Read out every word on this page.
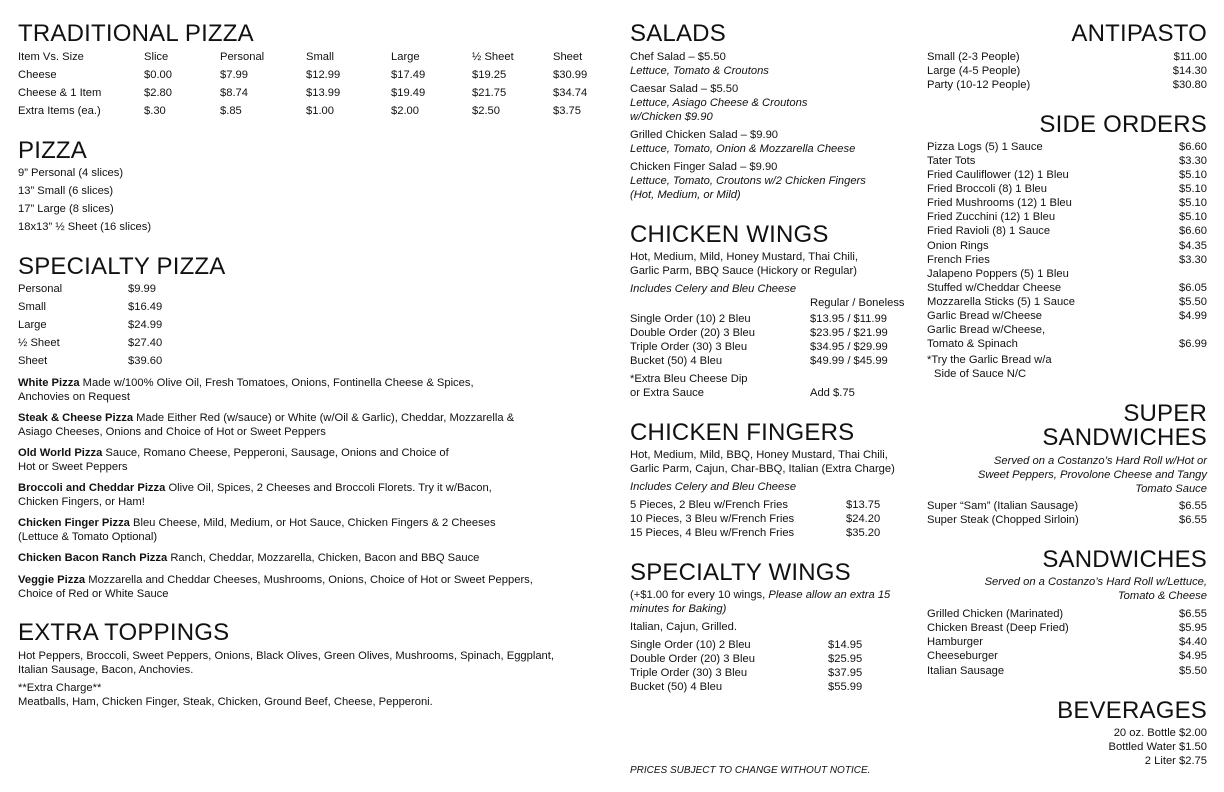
TRADITIONAL PIZZA
Item Vs. Size	Slice	Personal	Small	Large	½ Sheet	Sheet
Cheese	$0.00	$7.99	$12.99	$17.49	$19.25	$30.99
Cheese & 1 Item	$2.80	$8.74	$13.99	$19.49	$21.75	$34.74
Extra Items (ea.)	$.30	$.85	$1.00	$2.00	$2.50	$3.75
PIZZA
9” Personal (4 slices)
13” Small (6 slices)
17” Large (8 slices)
18x13” ½ Sheet (16 slices)
SPECIALTY PIZZA
Personal	$9.99
Small	$16.49
Large	$24.99
½ Sheet	$27.40
Sheet	$39.60
White Pizza Made w/100% Olive Oil, Fresh Tomatoes, Onions, Fontinella Cheese & Spices,
Anchovies on Request
Steak & Cheese Pizza Made Either Red (w/sauce) or White (w/Oil & Garlic), Cheddar, Mozzarella &
Asiago Cheeses, Onions and Choice of Hot or Sweet Peppers
Old World Pizza Sauce, Romano Cheese, Pepperoni, Sausage, Onions and Choice of
Hot or Sweet Peppers
Broccoli and Cheddar Pizza Olive Oil, Spices, 2 Cheeses and Broccoli Florets. Try it w/Bacon,
Chicken Fingers, or Ham!
Chicken Finger Pizza Bleu Cheese, Mild, Medium, or Hot Sauce, Chicken Fingers & 2 Cheeses
(Lettuce & Tomato Optional)
Chicken Bacon Ranch Pizza Ranch, Cheddar, Mozzarella, Chicken, Bacon and BBQ Sauce
Veggie Pizza Mozzarella and Cheddar Cheeses, Mushrooms, Onions, Choice of Hot or Sweet Peppers,
Choice of Red or White Sauce
EXTRA TOPPINGS
Hot Peppers, Broccoli, Sweet Peppers, Onions, Black Olives, Green Olives, Mushrooms, Spinach, Eggplant,
Italian Sausage, Bacon, Anchovies.
**Extra Charge**
Meatballs, Ham, Chicken Finger, Steak, Chicken, Ground Beef, Cheese, Pepperoni.
SALADS
Chef Salad – $5.50
Lettuce, Tomato & Croutons
Caesar Salad – $5.50
Lettuce, Asiago Cheese & Croutons
w/Chicken $9.90
Grilled Chicken Salad – $9.90
Lettuce, Tomato, Onion & Mozzarella Cheese
Chicken Finger Salad – $9.90
Lettuce, Tomato, Croutons w/2 Chicken Fingers
(Hot, Medium, or Mild)
CHICKEN WINGS
Hot, Medium, Mild, Honey Mustard, Thai Chili,
Garlic Parm, BBQ Sauce (Hickory or Regular)
Includes Celery and Bleu Cheese
Regular / Boneless
Single Order (10) 2 Bleu	$13.95 / $11.99
Double Order (20) 3 Bleu	$23.95 / $21.99
Triple Order (30) 3 Bleu	$34.95 / $29.99
Bucket (50) 4 Bleu	$49.99 / $45.99
*Extra Bleu Cheese Dip
or Extra Sauce	Add $.75
CHICKEN FINGERS
Hot, Medium, Mild, BBQ, Honey Mustard, Thai Chili,
Garlic Parm, Cajun, Char-BBQ, Italian (Extra Charge)
Includes Celery and Bleu Cheese
5 Pieces, 2 Bleu w/French Fries	$13.75
10 Pieces, 3 Bleu w/French Fries	$24.20
15 Pieces, 4 Bleu w/French Fries	$35.20
SPECIALTY WINGS
(+$1.00 for every 10 wings, Please allow an extra 15
minutes for Baking)
Italian, Cajun, Grilled.
Single Order (10) 2 Bleu	$14.95
Double Order (20) 3 Bleu	$25.95
Triple Order (30) 3 Bleu	$37.95
Bucket (50) 4 Bleu	$55.99
PRICES SUBJECT TO CHANGE WITHOUT NOTICE.
ANTIPASTO
Small (2-3 People)	$11.00
Large (4-5 People)	$14.30
Party (10-12 People)	$30.80
SIDE ORDERS
Pizza Logs (5) 1 Sauce	$6.60
Tater Tots	$3.30
Fried Cauliflower (12) 1 Bleu	$5.10
Fried Broccoli (8) 1 Bleu	$5.10
Fried Mushrooms (12) 1 Bleu	$5.10
Fried Zucchini (12) 1 Bleu	$5.10
Fried Ravioli (8) 1 Sauce	$6.60
Onion Rings	$4.35
French Fries	$3.30
Jalapeno Poppers (5) 1 Bleu
Stuffed w/Cheddar Cheese	$6.05
Mozzarella Sticks (5) 1 Sauce	$5.50
Garlic Bread w/Cheese	$4.99
Garlic Bread w/Cheese,
Tomato & Spinach	$6.99
*Try the Garlic Bread w/a
Side of Sauce N/C
SUPER
SANDWICHES
Served on a Costanzo’s Hard Roll w/Hot or
Sweet Peppers, Provolone Cheese and Tangy
Tomato Sauce
Super “Sam” (Italian Sausage)	$6.55
Super Steak (Chopped Sirloin)	$6.55
SANDWICHES
Served on a Costanzo’s Hard Roll w/Lettuce,
Tomato & Cheese
Grilled Chicken (Marinated)	$6.55
Chicken Breast (Deep Fried)	$5.95
Hamburger	$4.40
Cheeseburger	$4.95
Italian Sausage	$5.50
BEVERAGES
20 oz. Bottle $2.00
Bottled Water $1.50
2 Liter $2.75
